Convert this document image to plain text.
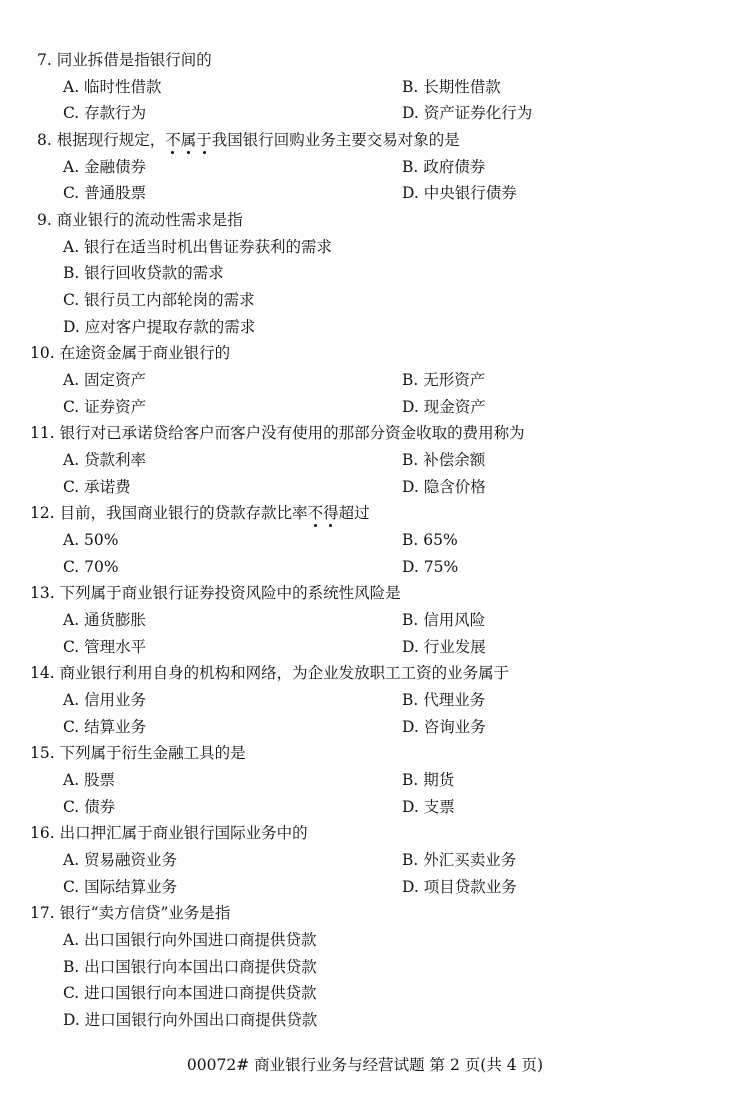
7. 同业拆借是指银行间的
A. 临时性借款	B. 长期性借款
C. 存款行为	D. 资产证券化行为
8. 根据现行规定，不属于我国银行回购业务主要交易对象的是
A. 金融债券	B. 政府债券
C. 普通股票	D. 中央银行债券
9. 商业银行的流动性需求是指
A. 银行在适当时机出售证券获利的需求
B. 银行回收贷款的需求
C. 银行员工内部轮岗的需求
D. 应对客户提取存款的需求
10. 在途资金属于商业银行的
A. 固定资产	B. 无形资产
C. 证券资产	D. 现金资产
11. 银行对已承诺贷给客户而客户没有使用的那部分资金收取的费用称为
A. 贷款利率	B. 补偿余额
C. 承诺费	D. 隐含价格
12. 目前，我国商业银行的贷款存款比率不得超过
A. 50%	B. 65%
C. 70%	D. 75%
13. 下列属于商业银行证券投资风险中的系统性风险是
A. 通货膨胀	B. 信用风险
C. 管理水平	D. 行业发展
14. 商业银行利用自身的机构和网络，为企业发放职工工资的业务属于
A. 信用业务	B. 代理业务
C. 结算业务	D. 咨询业务
15. 下列属于衍生金融工具的是
A. 股票	B. 期货
C. 债券	D. 支票
16. 出口押汇属于商业银行国际业务中的
A. 贸易融资业务	B. 外汇买卖业务
C. 国际结算业务	D. 项目贷款业务
17. 银行“卖方信贷”业务是指
A. 出口国银行向外国进口商提供贷款
B. 出口国银行向本国出口商提供贷款
C. 进口国银行向本国进口商提供贷款
D. 进口国银行向外国出口商提供贷款
00072# 商业银行业务与经营试题 第 2 页(共 4 页)
